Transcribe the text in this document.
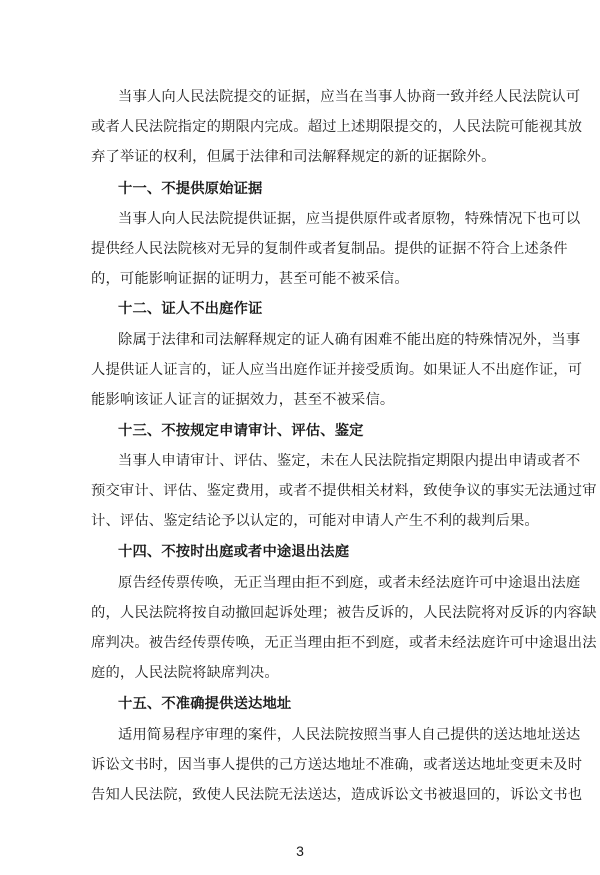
当事人向人民法院提交的证据，应当在当事人协商一致并经人民法院认可
或者人民法院指定的期限内完成。超过上述期限提交的，人民法院可能视其放
弃了举证的权利，但属于法律和司法解释规定的新的证据除外。
十一、不提供原始证据
当事人向人民法院提供证据，应当提供原件或者原物，特殊情况下也可以
提供经人民法院核对无异的复制件或者复制品。提供的证据不符合上述条件
的，可能影响证据的证明力，甚至可能不被采信。
十二、证人不出庭作证
除属于法律和司法解释规定的证人确有困难不能出庭的特殊情况外，当事
人提供证人证言的，证人应当出庭作证并接受质询。如果证人不出庭作证，可
能影响该证人证言的证据效力，甚至不被采信。
十三、不按规定申请审计、评估、鉴定
当事人申请审计、评估、鉴定，未在人民法院指定期限内提出申请或者不
预交审计、评估、鉴定费用，或者不提供相关材料，致使争议的事实无法通过审
计、评估、鉴定结论予以认定的，可能对申请人产生不利的裁判后果。
十四、不按时出庭或者中途退出法庭
原告经传票传唤，无正当理由拒不到庭，或者未经法庭许可中途退出法庭
的，人民法院将按自动撤回起诉处理；被告反诉的，人民法院将对反诉的内容缺
席判决。被告经传票传唤，无正当理由拒不到庭，或者未经法庭许可中途退出法
庭的，人民法院将缺席判决。
十五、不准确提供送达地址
适用简易程序审理的案件，人民法院按照当事人自己提供的送达地址送达
诉讼文书时，因当事人提供的己方送达地址不准确，或者送达地址变更未及时
告知人民法院，致使人民法院无法送达，造成诉讼文书被退回的，诉讼文书也
3
